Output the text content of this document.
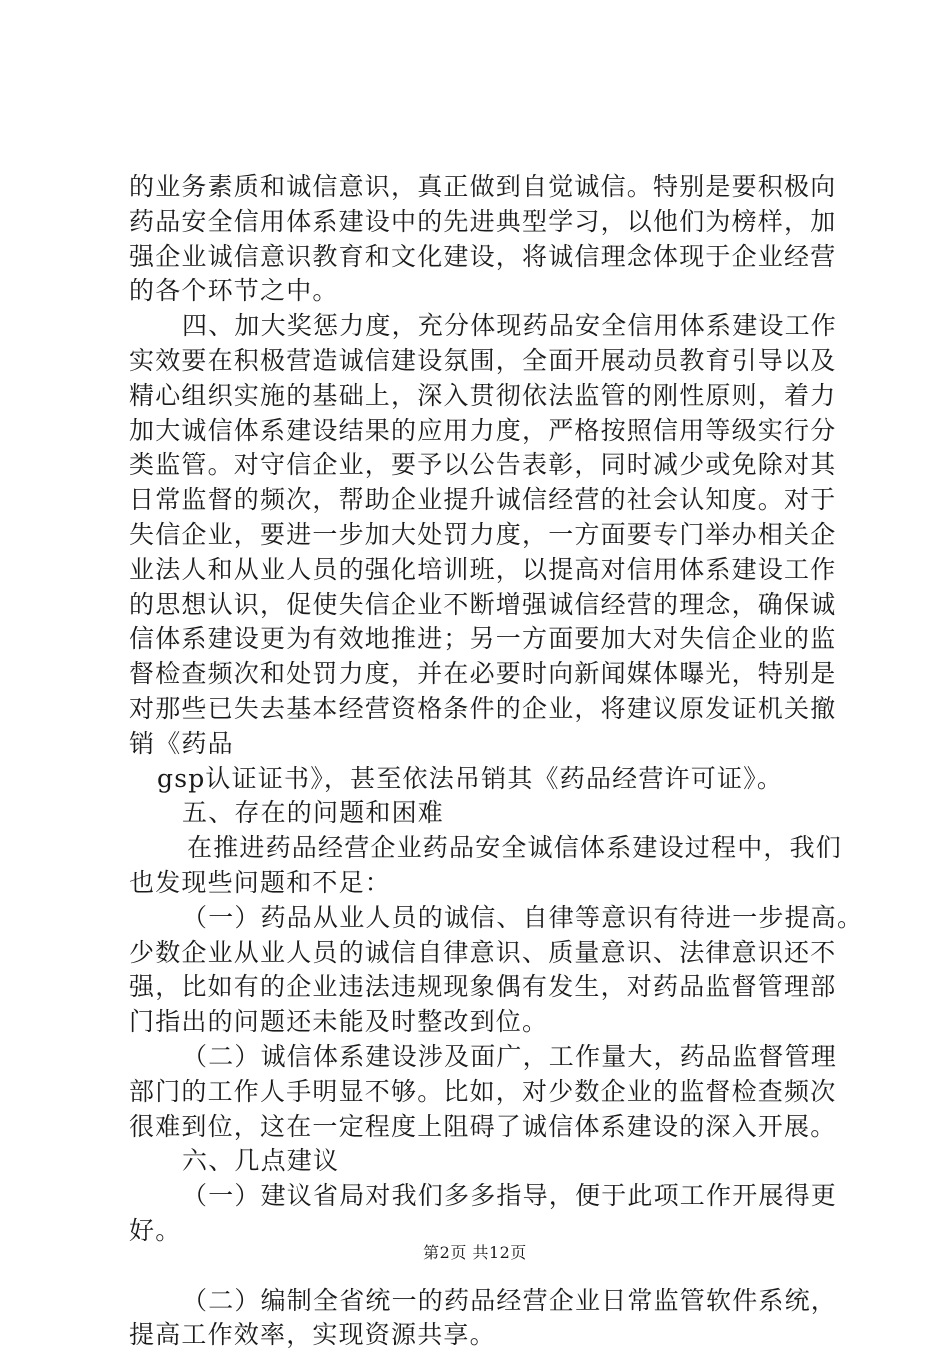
的业务素质和诚信意识，真正做到自觉诚信。特别是要积极向
药品安全信用体系建设中的先进典型学习，以他们为榜样，加
强企业诚信意识教育和文化建设，将诚信理念体现于企业经营
的各个环节之中。
四、加大奖惩力度，充分体现药品安全信用体系建设工作
实效要在积极营造诚信建设氛围，全面开展动员教育引导以及
精心组织实施的基础上，深入贯彻依法监管的刚性原则，着力
加大诚信体系建设结果的应用力度，严格按照信用等级实行分
类监管。对守信企业，要予以公告表彰，同时减少或免除对其
日常监督的频次，帮助企业提升诚信经营的社会认知度。对于
失信企业，要进一步加大处罚力度，一方面要专门举办相关企
业法人和从业人员的强化培训班，以提高对信用体系建设工作
的思想认识，促使失信企业不断增强诚信经营的理念，确保诚
信体系建设更为有效地推进；另一方面要加大对失信企业的监
督检查频次和处罚力度，并在必要时向新闻媒体曝光，特别是
对那些已失去基本经营资格条件的企业，将建议原发证机关撤
销《药品
gsp认证证书》，甚至依法吊销其《药品经营许可证》。
五、存在的问题和困难
在推进药品经营企业药品安全诚信体系建设过程中，我们
也发现些问题和不足：
（一）药品从业人员的诚信、自律等意识有待进一步提高。
少数企业从业人员的诚信自律意识、质量意识、法律意识还不
强，比如有的企业违法违规现象偶有发生，对药品监督管理部
门指出的问题还未能及时整改到位。
（二）诚信体系建设涉及面广，工作量大，药品监督管理
部门的工作人手明显不够。比如，对少数企业的监督检查频次
很难到位，这在一定程度上阻碍了诚信体系建设的深入开展。
六、几点建议
（一）建议省局对我们多多指导，便于此项工作开展得更
好。
（二）编制全省统一的药品经营企业日常监管软件系统，
提高工作效率，实现资源共享。
第2页 共12页
